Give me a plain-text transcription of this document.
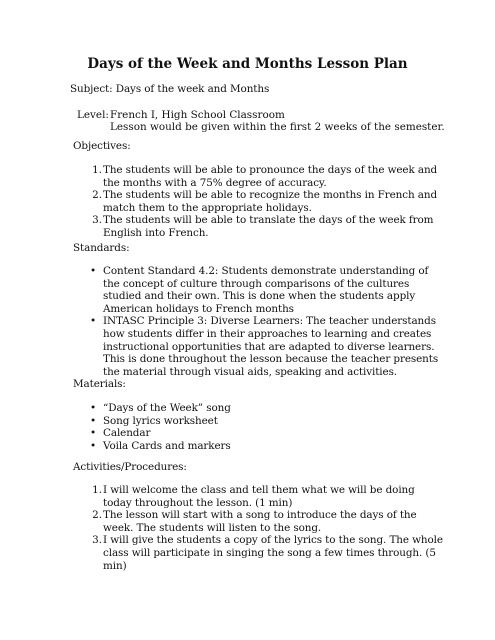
Days of the Week and Months Lesson Plan
Subject: Days of the week and Months
Level: French I, High School Classroom
Lesson would be given within the first 2 weeks of the semester.
Objectives:
1. The students will be able to pronounce the days of the week and the months with a 75% degree of accuracy.
2. The students will be able to recognize the months in French and match them to the appropriate holidays.
3. The students will be able to translate the days of the week from English into French.
Standards:
• Content Standard 4.2: Students demonstrate understanding of the concept of culture through comparisons of the cultures studied and their own. This is done when the students apply American holidays to French months
• INTASC Principle 3: Diverse Learners: The teacher understands how students differ in their approaches to learning and creates instructional opportunities that are adapted to diverse learners. This is done throughout the lesson because the teacher presents the material through visual aids, speaking and activities.
Materials:
• “Days of the Week” song
• Song lyrics worksheet
• Calendar
• Voila Cards and markers
Activities/Procedures:
1. I will welcome the class and tell them what we will be doing today throughout the lesson. (1 min)
2. The lesson will start with a song to introduce the days of the week. The students will listen to the song.
3. I will give the students a copy of the lyrics to the song. The whole class will participate in singing the song a few times through. (5 min)
